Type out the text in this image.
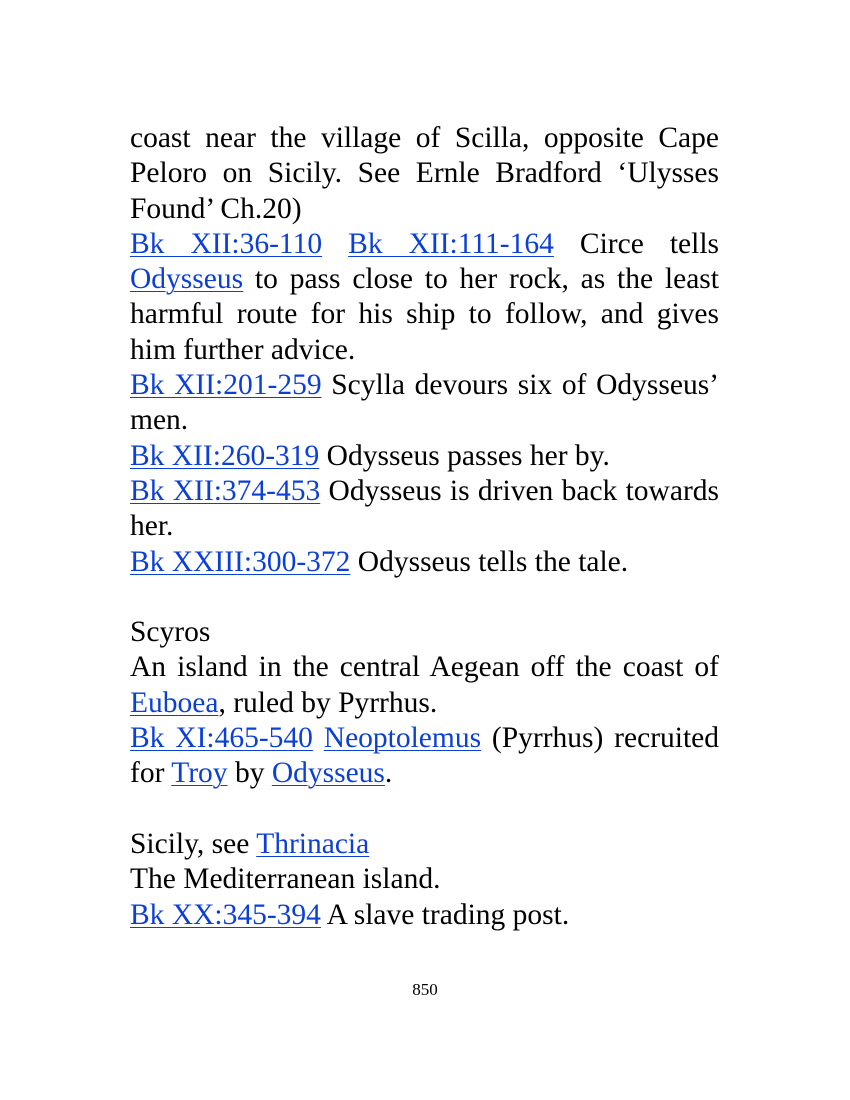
coast near the village of Scilla, opposite Cape Peloro on Sicily. See Ernle Bradford ‘Ulysses Found’ Ch.20)

Bk XII:36-110 Bk XII:111-164 Circe tells Odysseus to pass close to her rock, as the least harmful route for his ship to follow, and gives him further advice.

Bk XII:201-259 Scylla devours six of Odysseus’ men.

Bk XII:260-319 Odysseus passes her by.

Bk XII:374-453 Odysseus is driven back towards her.

Bk XXIII:300-372 Odysseus tells the tale.

Scyros

An island in the central Aegean off the coast of Euboea, ruled by Pyrrhus.

Bk XI:465-540 Neoptolemus (Pyrrhus) recruited for Troy by Odysseus.

Sicily, see Thrinacia

The Mediterranean island.

Bk XX:345-394 A slave trading post.

850
